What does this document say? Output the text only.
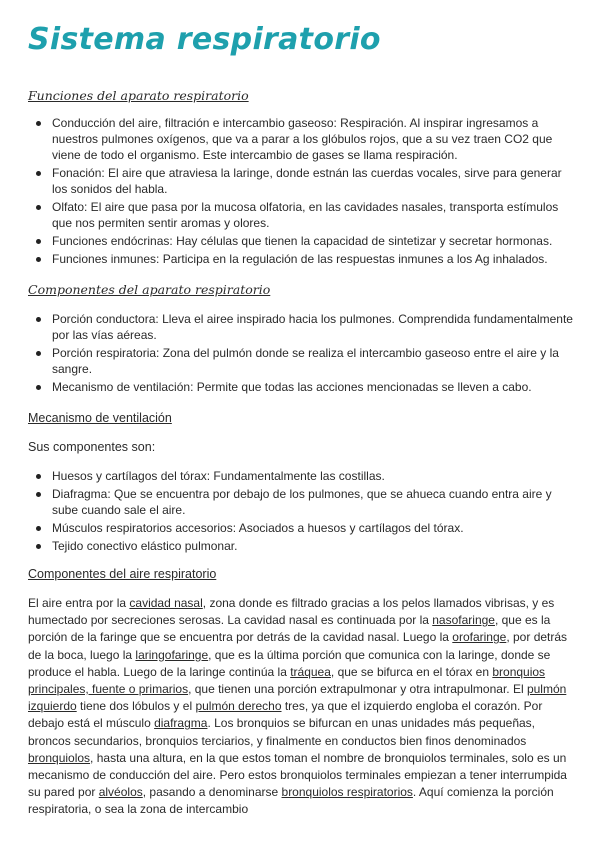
Sistema respiratorio
Funciones del aparato respiratorio
Conducción del aire, filtración e intercambio gaseoso: Respiración. Al inspirar ingresamos a nuestros pulmones oxígenos, que va a parar a los glóbulos rojos, que a su vez traen CO2 que viene de todo el organismo. Este intercambio de gases se llama respiración.
Fonación: El aire que atraviesa la laringe, donde estnán las cuerdas vocales, sirve para generar los sonidos del habla.
Olfato: El aire que pasa por la mucosa olfatoria, en las cavidades nasales, transporta estímulos que nos permiten sentir aromas y olores.
Funciones endócrinas: Hay células que tienen la capacidad de sintetizar y secretar hormonas.
Funciones inmunes: Participa en la regulación de las respuestas inmunes a los Ag inhalados.
Componentes del aparato respiratorio
Porción conductora: Lleva el airee inspirado hacia los pulmones. Comprendida fundamentalmente por las vías aéreas.
Porción respiratoria: Zona del pulmón donde se realiza el intercambio gaseoso entre el aire y la sangre.
Mecanismo de ventilación: Permite que todas las acciones mencionadas se lleven a cabo.
Mecanismo de ventilación
Sus componentes son:
Huesos y cartílagos del tórax: Fundamentalmente las costillas.
Diafragma: Que se encuentra por debajo de los pulmones, que se ahueca cuando entra aire y sube cuando sale el aire.
Músculos respiratorios accesorios: Asociados a huesos y cartílagos del tórax.
Tejido conectivo elástico pulmonar.
Componentes del aire respiratorio

El aire entra por la cavidad nasal, zona donde es filtrado gracias a los pelos llamados vibrisas, y es humectado por secreciones serosas. La cavidad nasal es continuada por la nasofaringe, que es la porción de la faringe que se encuentra por detrás de la cavidad nasal. Luego la orofaringe, por detrás de la boca, luego la laringofaringe, que es la última porción que comunica con la laringe, donde se produce el habla. Luego de la laringe continúa la tráquea, que se bifurca en el tórax en bronquios principales, fuente o primarios, que tienen una porción extrapulmonar y otra intrapulmonar. El pulmón izquierdo tiene dos lóbulos y el pulmón derecho tres, ya que el izquierdo engloba el corazón. Por debajo está el músculo diafragma. Los bronquios se bifurcan en unas unidades más pequeñas, broncos secundarios, bronquios terciarios, y finalmente en conductos bien finos denominados bronquiolos, hasta una altura, en la que estos toman el nombre de bronquiolos terminales, solo es un mecanismo de conducción del aire. Pero estos bronquiolos terminales empiezan a tener interrumpida su pared por alvéolos, pasando a denominarse bronquiolos respiratorios. Aquí comienza la porción respiratoria, o sea la zona de intercambio
